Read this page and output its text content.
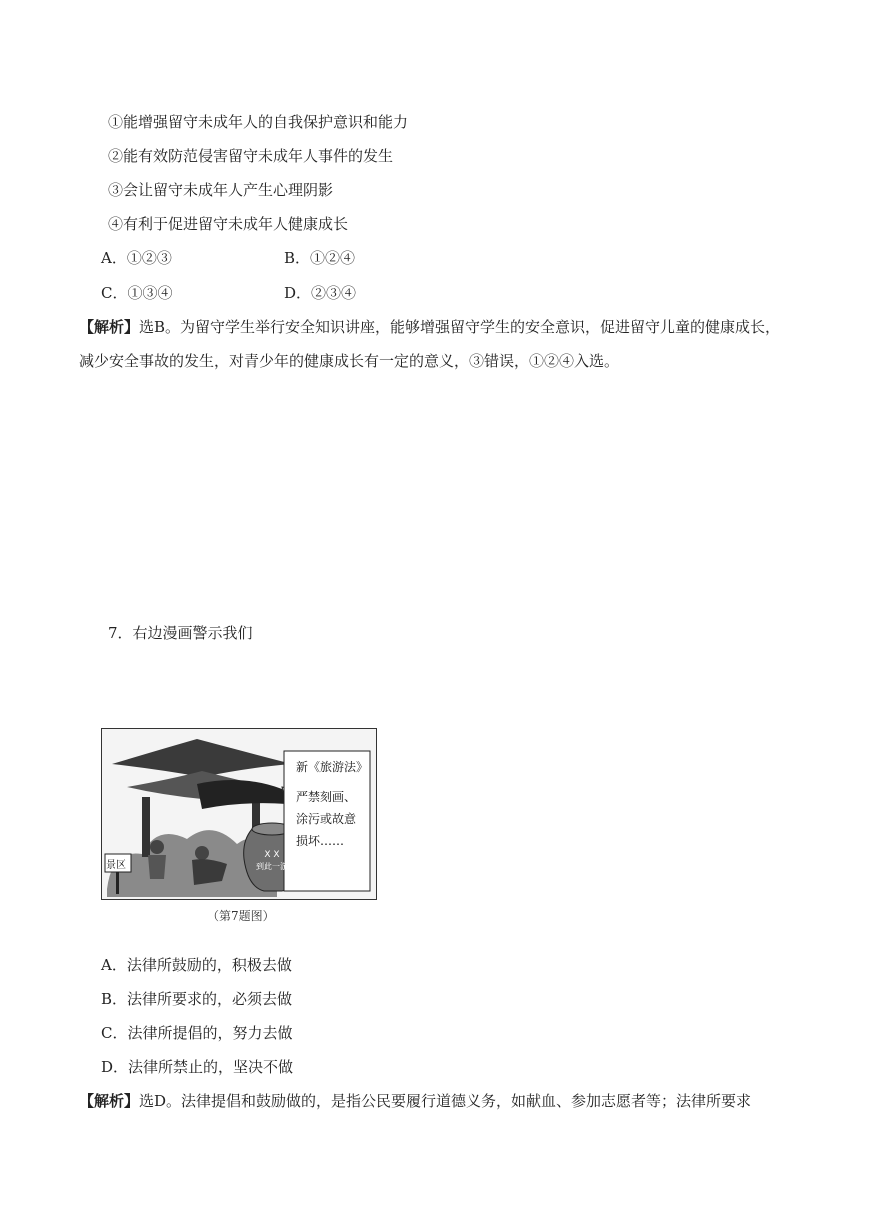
①能增强留守未成年人的自我保护意识和能力
②能有效防范侵害留守未成年人事件的发生
③会让留守未成年人产生心理阴影
④有利于促进留守未成年人健康成长
A．①②③	B．①②④
C．①③④	D．②③④
【解析】选B。为留守学生举行安全知识讲座，能够增强留守学生的安全意识，促进留守儿童的健康成长，
减少安全事故的发生，对青少年的健康成长有一定的意义，③错误，①②④入选。
7．右边漫画警示我们
新《旅游法》
严禁刻画、
涂污或故意
损坏……
景区
X X
到此一游
（第7题图）
A．法律所鼓励的，积极去做
B．法律所要求的，必须去做
C．法律所提倡的，努力去做
D．法律所禁止的，坚决不做
【解析】选D。法律提倡和鼓励做的，是指公民要履行道德义务，如献血、参加志愿者等；法律所要求
